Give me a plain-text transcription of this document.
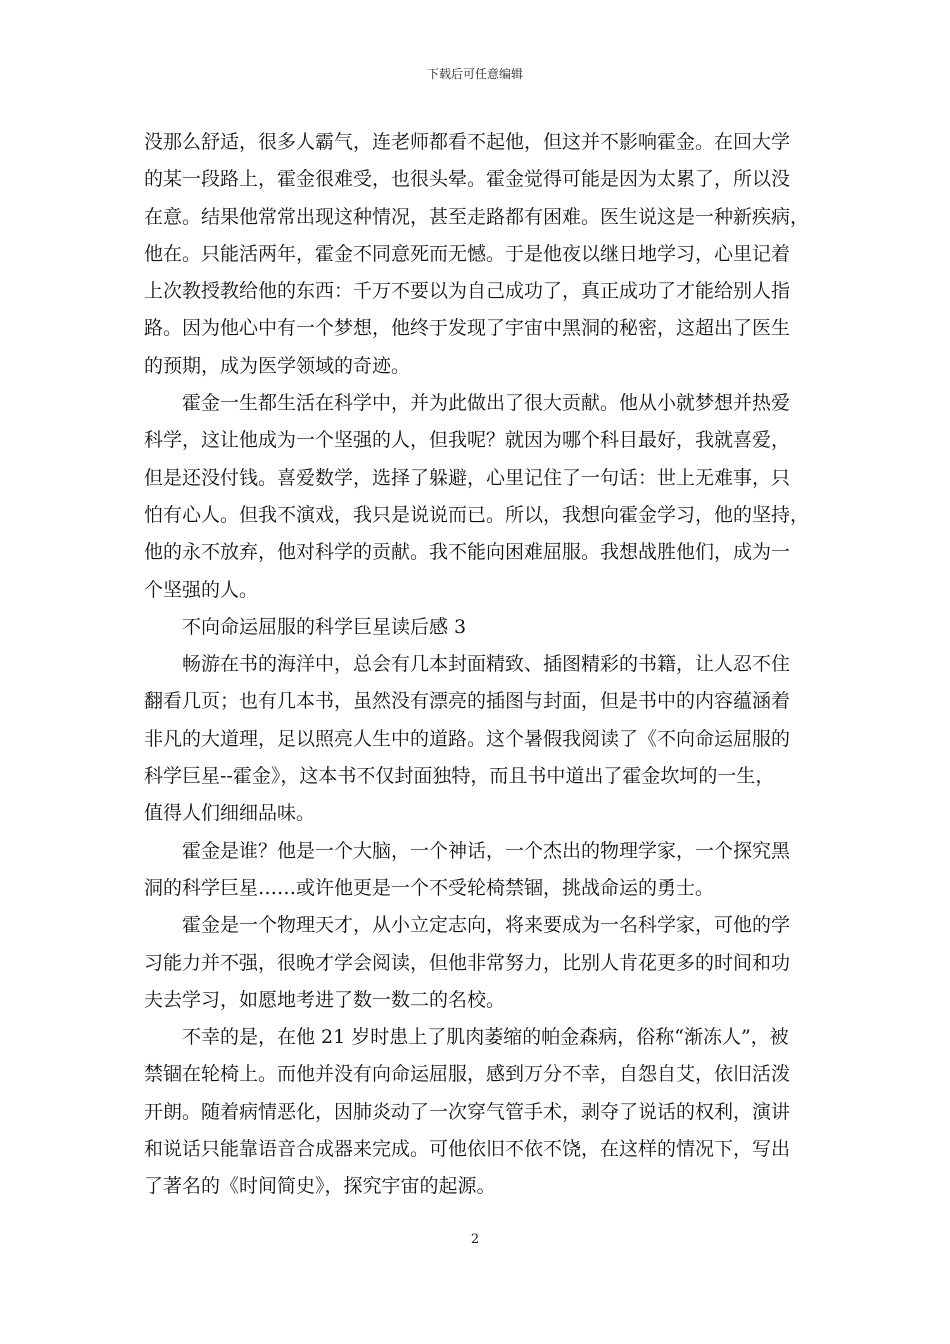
下载后可任意编辑
没那么舒适，很多人霸气，连老师都看不起他，但这并不影响霍金。在回大学
的某一段路上，霍金很难受，也很头晕。霍金觉得可能是因为太累了，所以没
在意。结果他常常出现这种情况，甚至走路都有困难。医生说这是一种新疾病，
他在。只能活两年，霍金不同意死而无憾。于是他夜以继日地学习，心里记着
上次教授教给他的东西：千万不要以为自己成功了，真正成功了才能给别人指
路。因为他心中有一个梦想，他终于发现了宇宙中黑洞的秘密，这超出了医生
的预期，成为医学领域的奇迹。
霍金一生都生活在科学中，并为此做出了很大贡献。他从小就梦想并热爱
科学，这让他成为一个坚强的人，但我呢？就因为哪个科目最好，我就喜爱，
但是还没付钱。喜爱数学，选择了躲避，心里记住了一句话：世上无难事，只
怕有心人。但我不演戏，我只是说说而已。所以，我想向霍金学习，他的坚持，
他的永不放弃，他对科学的贡献。我不能向困难屈服。我想战胜他们，成为一
个坚强的人。
不向命运屈服的科学巨星读后感 3
畅游在书的海洋中，总会有几本封面精致、插图精彩的书籍，让人忍不住
翻看几页；也有几本书，虽然没有漂亮的插图与封面，但是书中的内容蕴涵着
非凡的大道理，足以照亮人生中的道路。这个暑假我阅读了《不向命运屈服的
科学巨星--霍金》，这本书不仅封面独特，而且书中道出了霍金坎坷的一生，
值得人们细细品味。
霍金是谁？他是一个大脑，一个神话，一个杰出的物理学家，一个探究黑
洞的科学巨星……或许他更是一个不受轮椅禁锢，挑战命运的勇士。
霍金是一个物理天才，从小立定志向，将来要成为一名科学家，可他的学
习能力并不强，很晚才学会阅读，但他非常努力，比别人肯花更多的时间和功
夫去学习，如愿地考进了数一数二的名校。
不幸的是，在他 21 岁时患上了肌肉萎缩的帕金森病，俗称“渐冻人”，被
禁锢在轮椅上。而他并没有向命运屈服，感到万分不幸，自怨自艾，依旧活泼
开朗。随着病情恶化，因肺炎动了一次穿气管手术，剥夺了说话的权利，演讲
和说话只能靠语音合成器来完成。可他依旧不依不饶，在这样的情况下，写出
了著名的《时间简史》，探究宇宙的起源。
2
